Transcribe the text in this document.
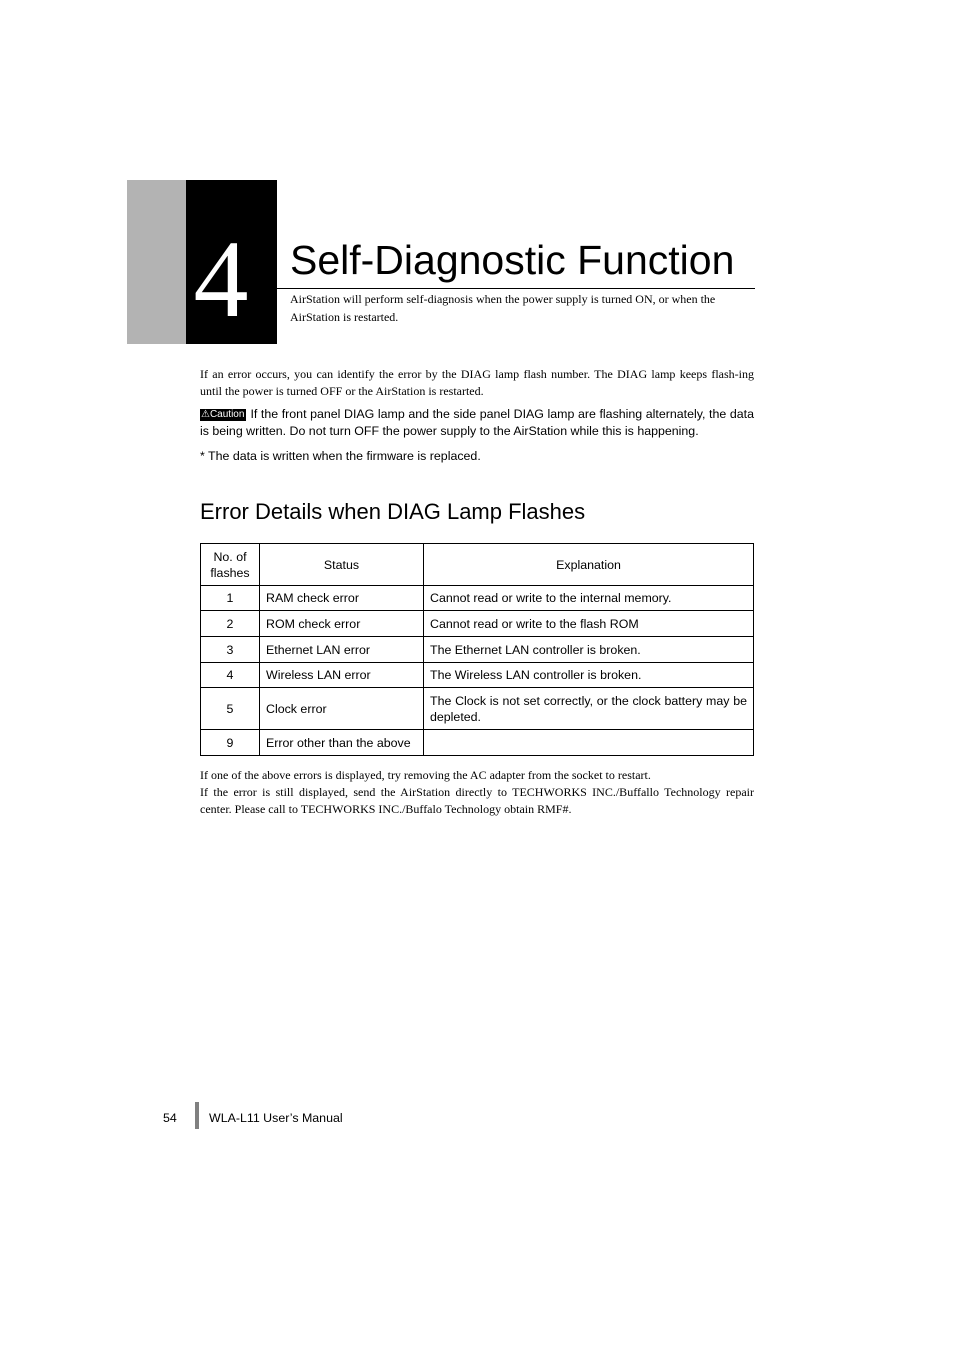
4 Self-Diagnostic Function

AirStation will perform self-diagnosis when the power supply is turned ON, or when the AirStation is restarted.

If an error occurs, you can identify the error by the DIAG lamp flash number. The DIAG lamp keeps flash-ing until the power is turned OFF or the AirStation is restarted.

⚠Caution If the front panel DIAG lamp and the side panel DIAG lamp are flashing alternately, the data is being written. Do not turn OFF the power supply to the AirStation while this is happening.

* The data is written when the firmware is replaced.

Error Details when DIAG Lamp Flashes
No. of flashes	Status	Explanation
1	RAM check error	Cannot read or write to the internal memory.
2	ROM check error	Cannot read or write to the flash ROM
3	Ethernet LAN error	The Ethernet LAN controller is broken.
4	Wireless LAN error	The Wireless LAN controller is broken.
5	Clock error	The Clock is not set correctly, or the clock battery may be depleted.
9	Error other than the above	

If one of the above errors is displayed, try removing the AC adapter from the socket to restart.

If the error is still displayed, send the AirStation directly to TECHWORKS INC./Buffallo Technology repair center. Please call to TECHWORKS INC./Buffalo Technology obtain RMF#.

54	WLA-L11 User’s Manual
